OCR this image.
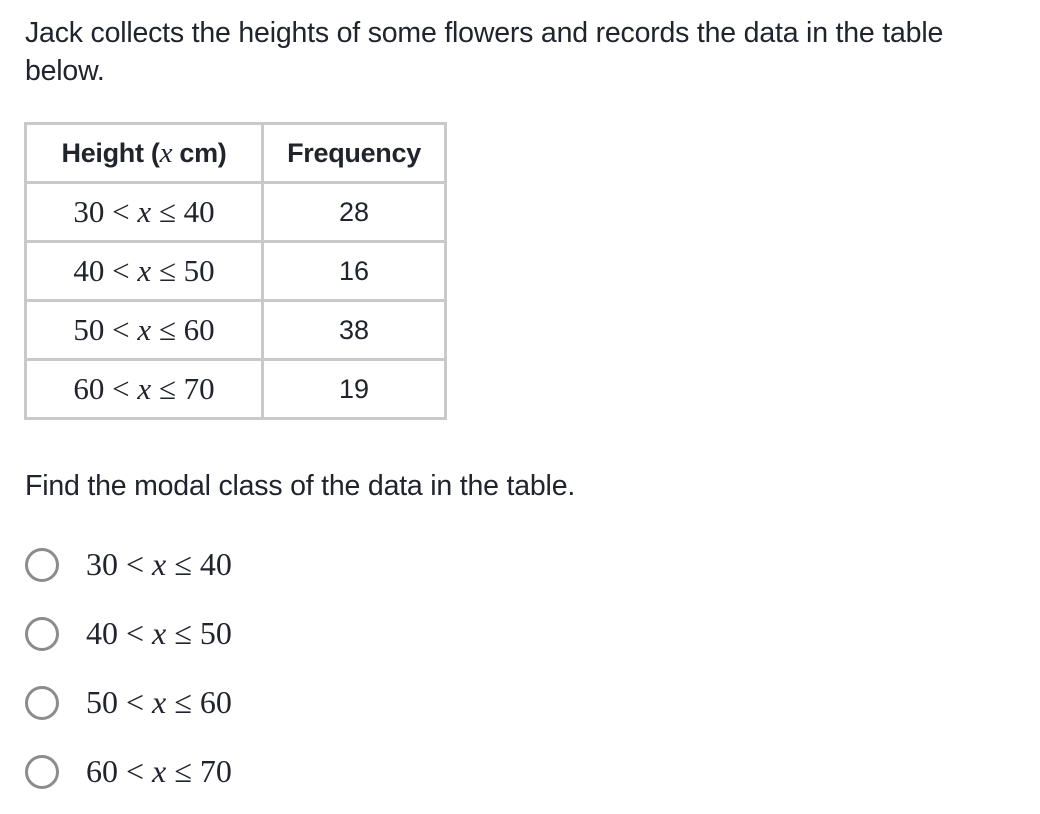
Jack collects the heights of some flowers and records the data in the table below.
Height (x cm)	Frequency
30 < x ≤ 40	28
40 < x ≤ 50	16
50 < x ≤ 60	38
60 < x ≤ 70	19
Find the modal class of the data in the table.
30 < x ≤ 40
40 < x ≤ 50
50 < x ≤ 60
60 < x ≤ 70
